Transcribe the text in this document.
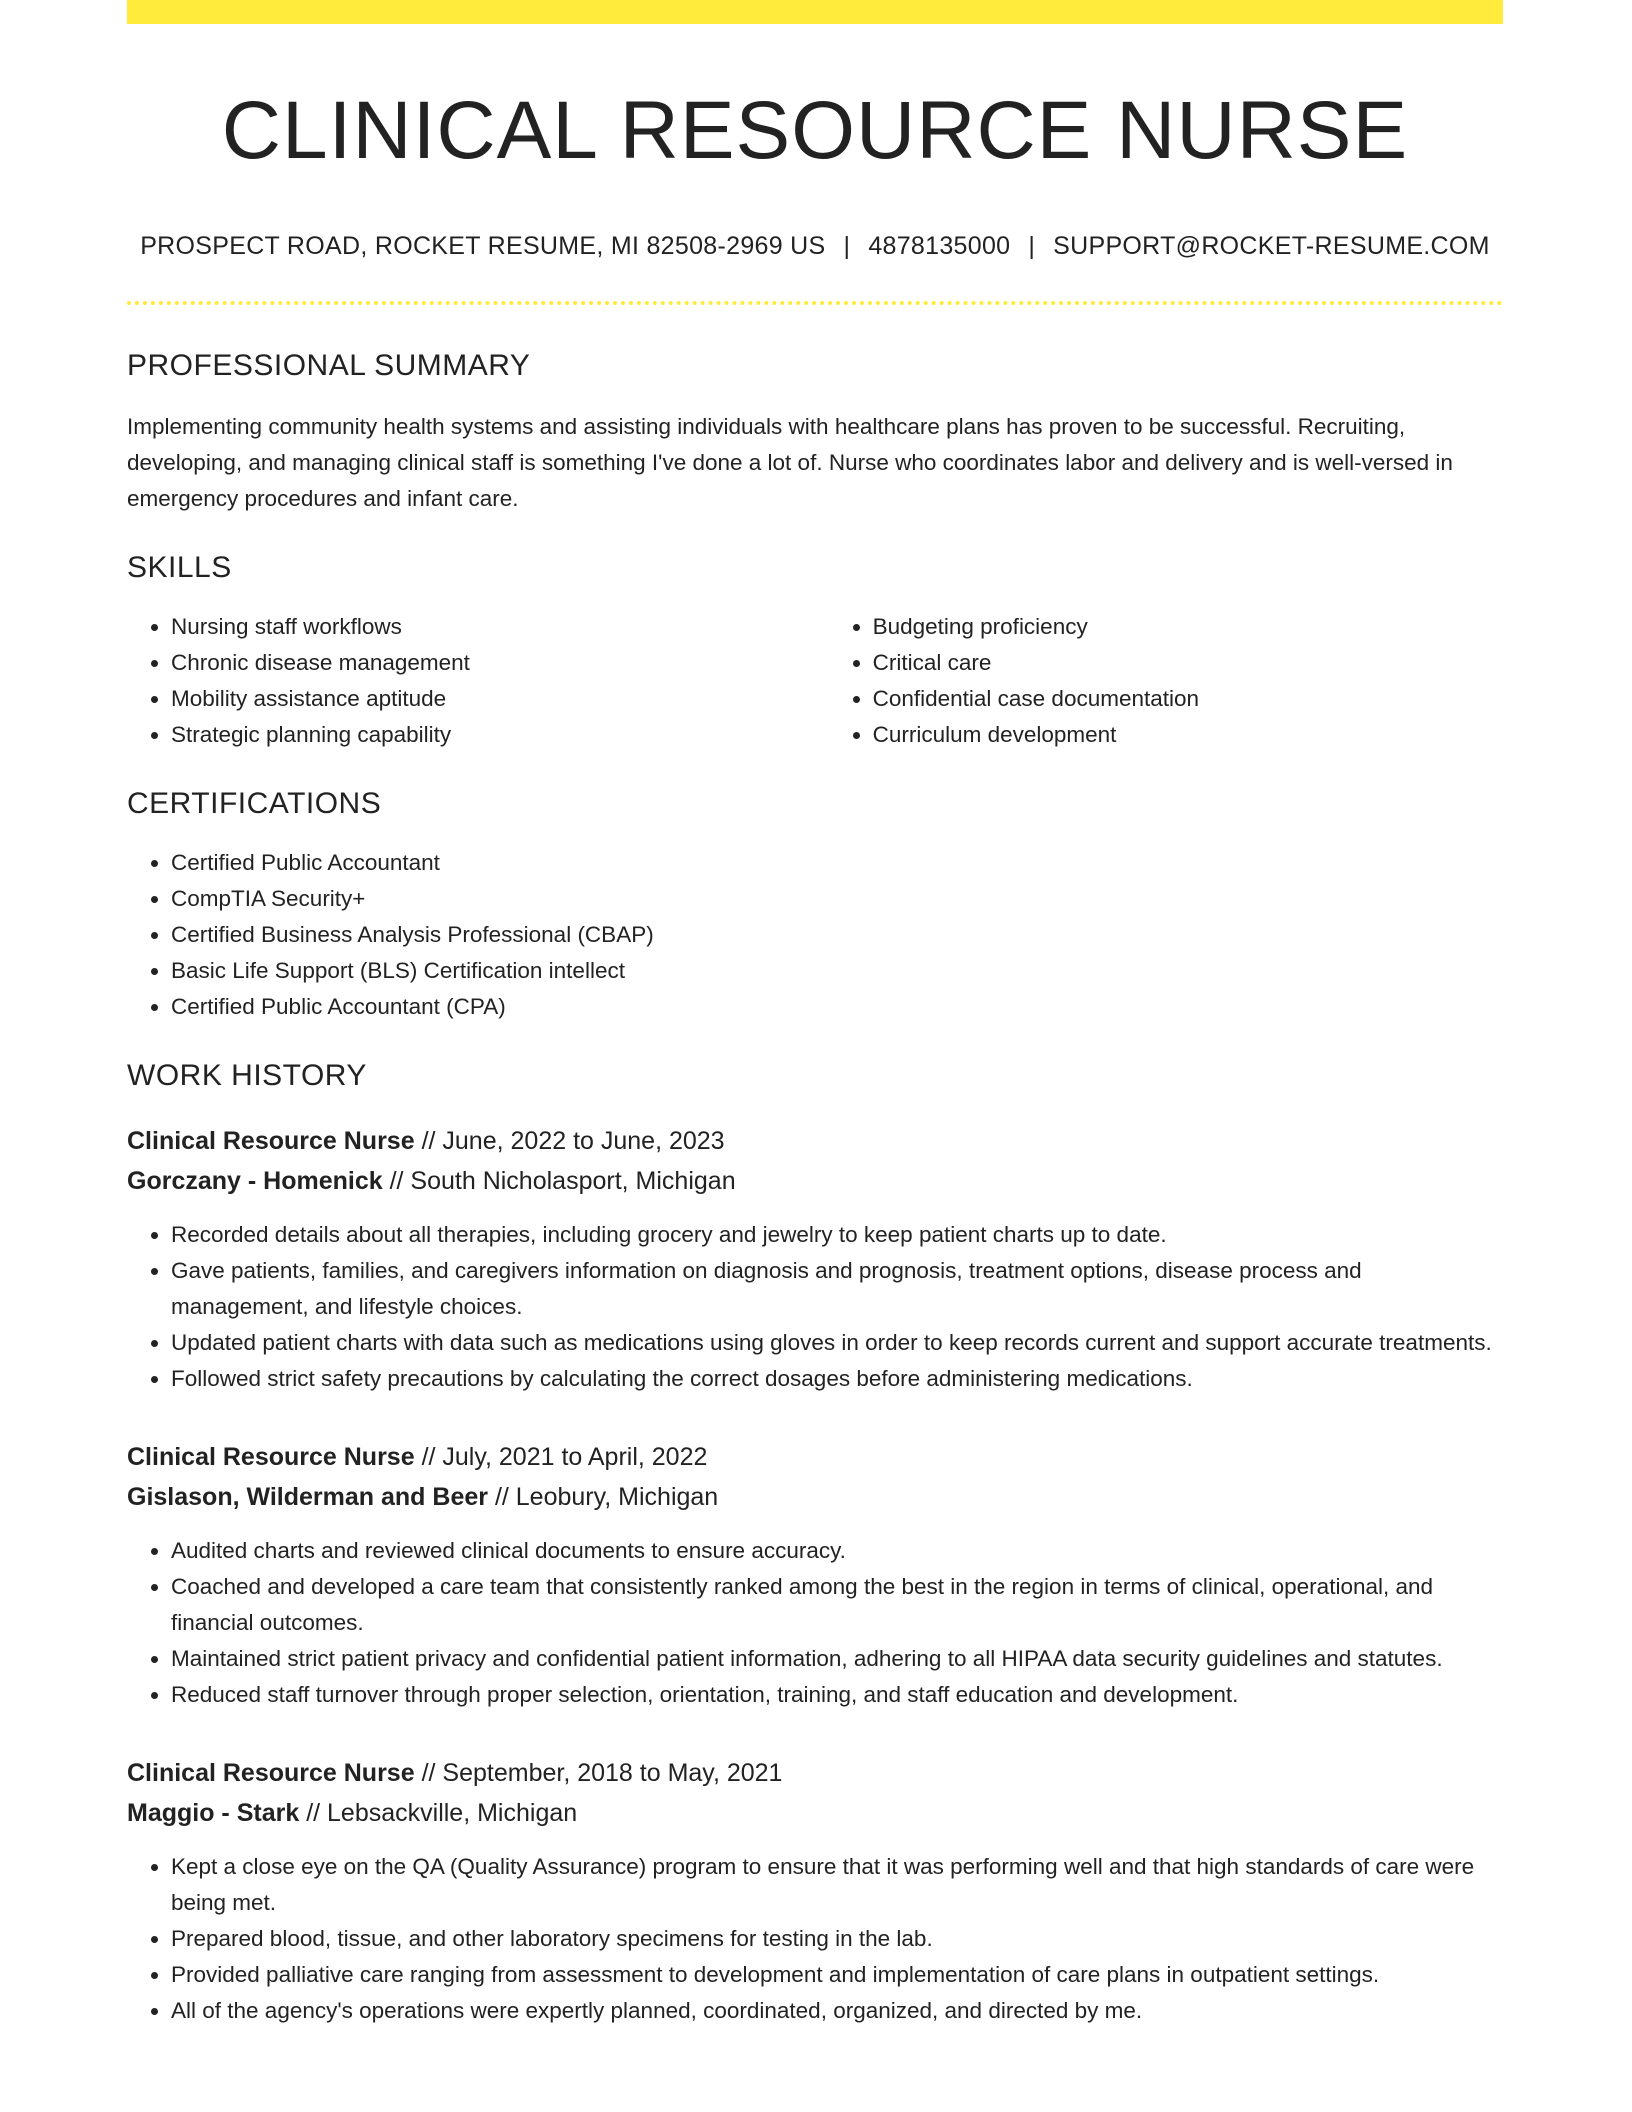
CLINICAL RESOURCE NURSE
PROSPECT ROAD, ROCKET RESUME, MI 82508-2969 US | 4878135000 | SUPPORT@ROCKET-RESUME.COM
PROFESSIONAL SUMMARY
Implementing community health systems and assisting individuals with healthcare plans has proven to be successful. Recruiting, developing, and managing clinical staff is something I've done a lot of. Nurse who coordinates labor and delivery and is well-versed in emergency procedures and infant care.
SKILLS
• Nursing staff workflows
• Chronic disease management
• Mobility assistance aptitude
• Strategic planning capability
• Budgeting proficiency
• Critical care
• Confidential case documentation
• Curriculum development
CERTIFICATIONS
• Certified Public Accountant
• CompTIA Security+
• Certified Business Analysis Professional (CBAP)
• Basic Life Support (BLS) Certification intellect
• Certified Public Accountant (CPA)
WORK HISTORY
Clinical Resource Nurse // June, 2022 to June, 2023
Gorczany - Homenick // South Nicholasport, Michigan
• Recorded details about all therapies, including grocery and jewelry to keep patient charts up to date.
• Gave patients, families, and caregivers information on diagnosis and prognosis, treatment options, disease process and management, and lifestyle choices.
• Updated patient charts with data such as medications using gloves in order to keep records current and support accurate treatments.
• Followed strict safety precautions by calculating the correct dosages before administering medications.
Clinical Resource Nurse // July, 2021 to April, 2022
Gislason, Wilderman and Beer // Leobury, Michigan
• Audited charts and reviewed clinical documents to ensure accuracy.
• Coached and developed a care team that consistently ranked among the best in the region in terms of clinical, operational, and financial outcomes.
• Maintained strict patient privacy and confidential patient information, adhering to all HIPAA data security guidelines and statutes.
• Reduced staff turnover through proper selection, orientation, training, and staff education and development.
Clinical Resource Nurse // September, 2018 to May, 2021
Maggio - Stark // Lebsackville, Michigan
• Kept a close eye on the QA (Quality Assurance) program to ensure that it was performing well and that high standards of care were being met.
• Prepared blood, tissue, and other laboratory specimens for testing in the lab.
• Provided palliative care ranging from assessment to development and implementation of care plans in outpatient settings.
• All of the agency's operations were expertly planned, coordinated, organized, and directed by me.
